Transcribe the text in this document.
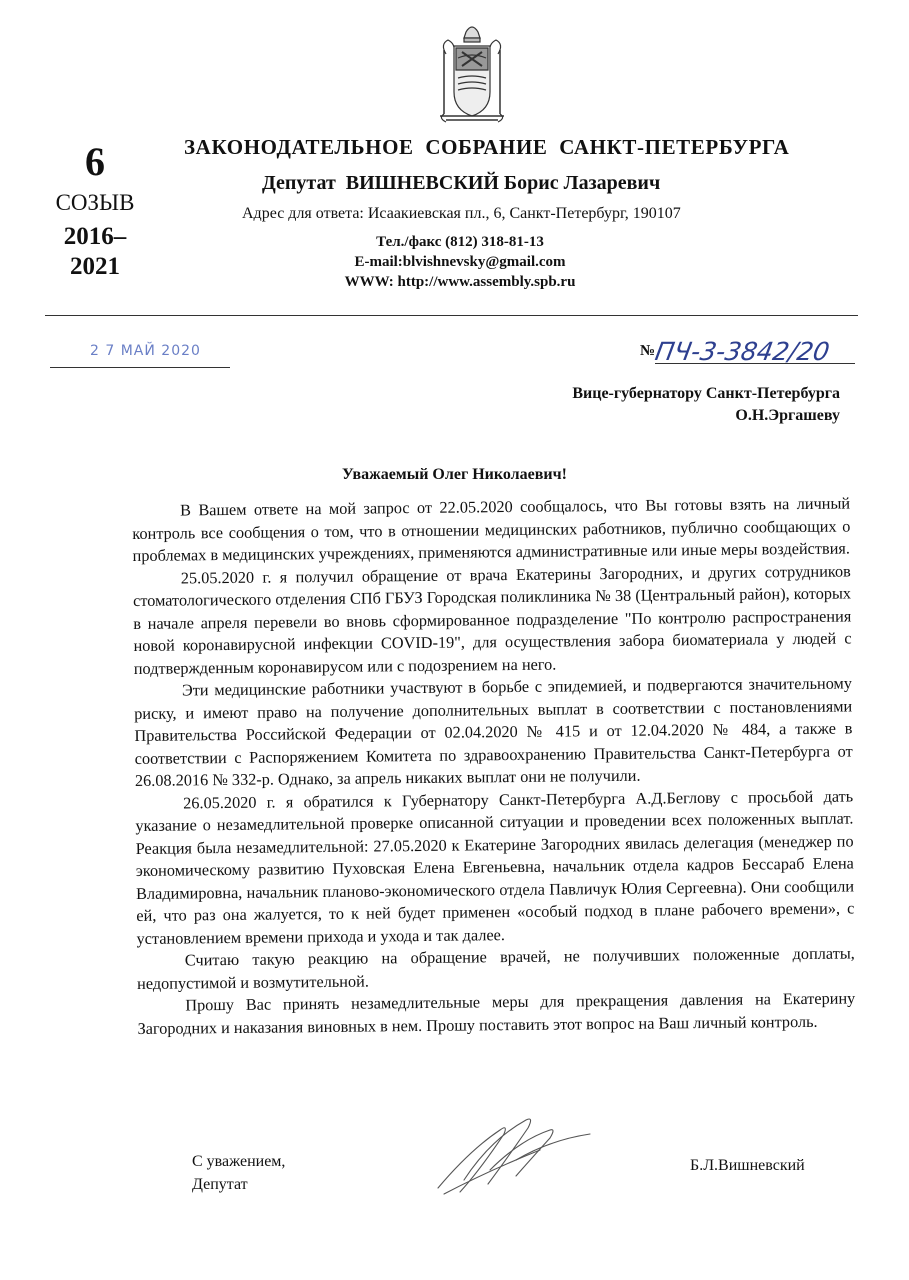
6
СОЗЫВ
2016–
2021
ЗАКОНОДАТЕЛЬНОЕ  СОБРАНИЕ  САНКТ-ПЕТЕРБУРГА
Депутат  ВИШНЕВСКИЙ Борис Лазаревич
Адрес для ответа: Исаакиевская пл., 6, Санкт-Петербург, 190107
Тел./факс (812) 318-81-13
E-mail:blvishnevsky@gmail.com
WWW: http://www.assembly.spb.ru
2 7 МАЙ 2020	№
ПЧ-3-3842/20
Вице-губернатору Санкт-Петербурга
О.Н.Эргашеву
Уважаемый Олег Николаевич!

В Вашем ответе на мой запрос от 22.05.2020 сообщалось, что Вы готовы взять на личный контроль все сообщения о том, что в отношении медицинских работников, публично сообщающих о проблемах в медицинских учреждениях, применяются административные или иные меры воздействия.

25.05.2020 г. я получил обращение от врача Екатерины Загородних, и других сотрудников стоматологического отделения СПб ГБУЗ Городская поликлиника № 38 (Центральный район), которых в начале апреля перевели во вновь сформированное подразделение "По контролю распространения новой коронавирусной инфекции COVID-19", для осуществления забора биоматериала у людей с подтвержденным коронавирусом или с подозрением на него.

Эти медицинские работники участвуют в борьбе с эпидемией, и подвергаются значительному риску, и имеют право на получение дополнительных выплат в соответствии с постановлениями Правительства Российской Федерации от 02.04.2020 № 415 и от 12.04.2020 № 484, а также в соответствии с Распоряжением Комитета по здравоохранению Правительства Санкт-Петербурга от 26.08.2016 № 332-р. Однако, за апрель никаких выплат они не получили.

26.05.2020 г. я обратился к Губернатору Санкт-Петербурга А.Д.Беглову с просьбой дать указание о незамедлительной проверке описанной ситуации и проведении всех положенных выплат. Реакция была незамедлительной: 27.05.2020 к Екатерине Загородних явилась делегация (менеджер по экономическому развитию Пуховская Елена Евгеньевна, начальник отдела кадров Бессараб Елена Владимировна, начальник планово-экономического отдела Павличук Юлия Сергеевна). Они сообщили ей, что раз она жалуется, то к ней будет применен «особый подход в плане рабочего времени», с установлением времени прихода и ухода и так далее.

Считаю такую реакцию на обращение врачей, не получивших положенные доплаты, недопустимой и возмутительной.

Прошу Вас принять незамедлительные меры для прекращения давления на Екатерину Загородних и наказания виновных в нем. Прошу поставить этот вопрос на Ваш личный контроль.

С уважением,
Депутат
Б.Л.Вишневский
